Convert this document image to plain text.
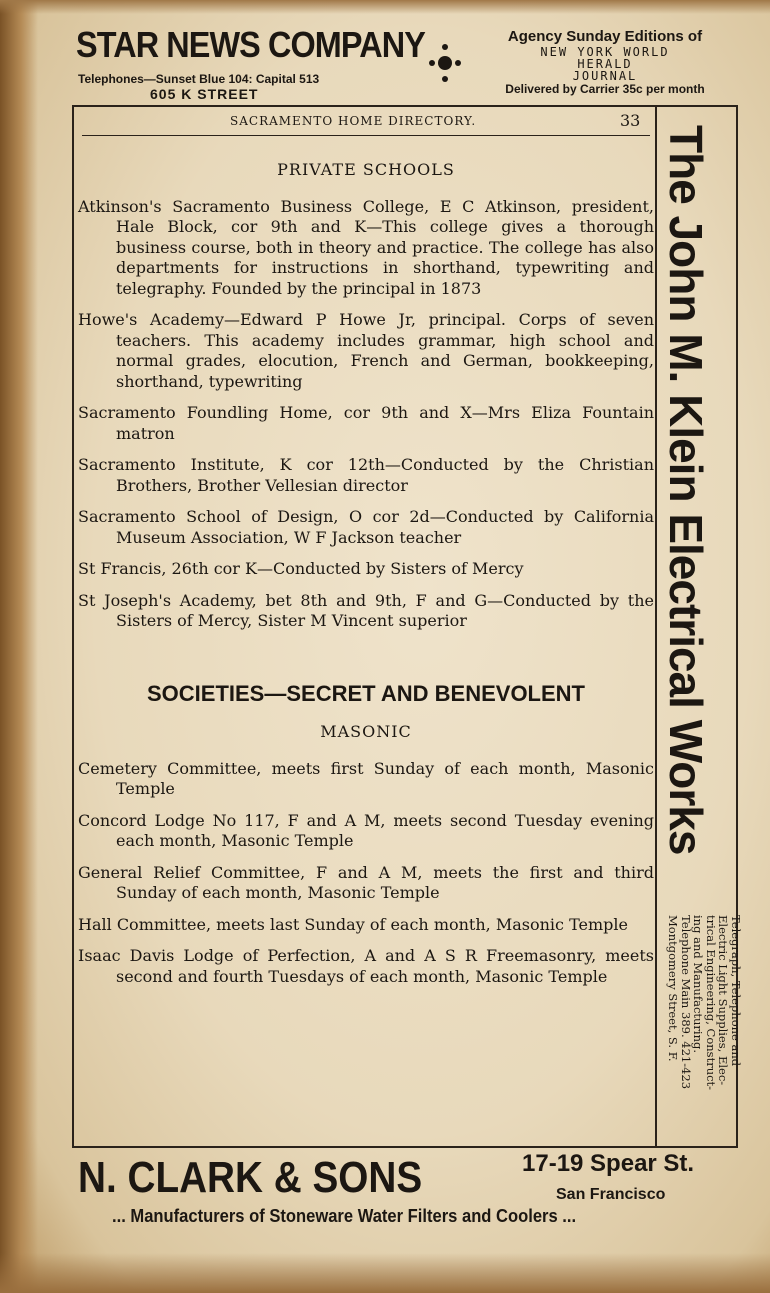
STAR NEWS COMPANY
Telephones—Sunset Blue 104: Capital 513
605 K STREET
Agency Sunday Editions of
NEW YORK WORLD
HERALD
JOURNAL
Delivered by Carrier 35c per month
SACRAMENTO HOME DIRECTORY.	33
PRIVATE SCHOOLS

Atkinson's Sacramento Business College, E C Atkinson, president, Hale Block, cor 9th and K—This college gives a thorough business course, both in theory and practice. The college has also departments for instructions in shorthand, typewriting and telegraphy. Founded by the principal in 1873

Howe's Academy—Edward P Howe Jr, principal. Corps of seven teachers. This academy includes grammar, high school and normal grades, elocution, French and German, bookkeeping, shorthand, typewriting

Sacramento Foundling Home, cor 9th and X—Mrs Eliza Fountain matron

Sacramento Institute, K cor 12th—Conducted by the Christian Brothers, Brother Vellesian director

Sacramento School of Design, O cor 2d—Conducted by California Museum Association, W F Jackson teacher

St Francis, 26th cor K—Conducted by Sisters of Mercy

St Joseph's Academy, bet 8th and 9th, F and G—Conducted by the Sisters of Mercy, Sister M Vincent superior

SOCIETIES—SECRET AND BENEVOLENT
MASONIC

Cemetery Committee, meets first Sunday of each month, Masonic Temple

Concord Lodge No 117, F and A M, meets second Tuesday evening each month, Masonic Temple

General Relief Committee, F and A M, meets the first and third Sunday of each month, Masonic Temple

Hall Committee, meets last Sunday of each month, Masonic Temple

Isaac Davis Lodge of Perfection, A and A S R Freemasonry, meets second and fourth Tuesdays of each month, Masonic Temple

The John M. Klein Electrical Works
Telegraph, Telephone and
Electric Light Supplies, Elec-
trical Engineering, Construct-
ing and Manufacturing.
Telephone Main 389. 421-423
Montgomery Street, S. F.
N. CLARK & SONS	17-19 Spear St.
San Francisco
... Manufacturers of Stoneware Water Filters and Coolers ...
